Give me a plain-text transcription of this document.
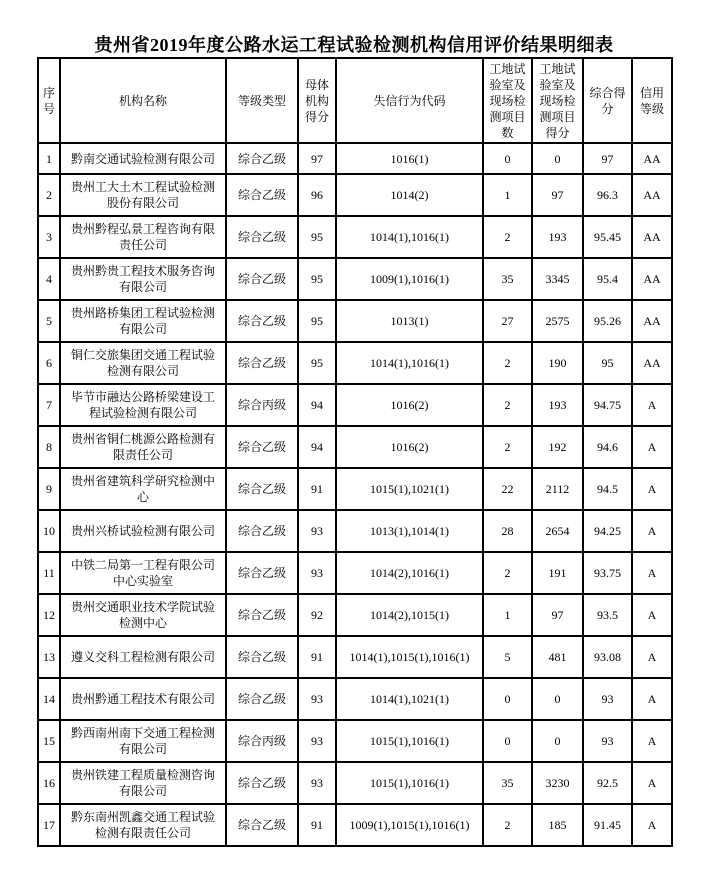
贵州省2019年度公路水运工程试验检测机构信用评价结果明细表
序号	机构名称	等级类型	母体机构得分	失信行为代码	工地试验室及现场检测项目数	工地试验室及现场检测项目得分	综合得分	信用等级
1	黔南交通试验检测有限公司	综合乙级	97	1016(1)	0	0	97	AA
2	贵州工大土木工程试验检测股份有限公司	综合乙级	96	1014(2)	1	97	96.3	AA
3	贵州黔程弘景工程咨询有限责任公司	综合乙级	95	1014(1),1016(1)	2	193	95.45	AA
4	贵州黔贵工程技术服务咨询有限公司	综合乙级	95	1009(1),1016(1)	35	3345	95.4	AA
5	贵州路桥集团工程试验检测有限公司	综合乙级	95	1013(1)	27	2575	95.26	AA
6	铜仁交旅集团交通工程试验检测有限公司	综合乙级	95	1014(1),1016(1)	2	190	95	AA
7	毕节市融达公路桥梁建设工程试验检测有限公司	综合丙级	94	1016(2)	2	193	94.75	A
8	贵州省铜仁桃源公路检测有限责任公司	综合乙级	94	1016(2)	2	192	94.6	A
9	贵州省建筑科学研究检测中心	综合乙级	91	1015(1),1021(1)	22	2112	94.5	A
10	贵州兴桥试验检测有限公司	综合乙级	93	1013(1),1014(1)	28	2654	94.25	A
11	中铁二局第一工程有限公司中心实验室	综合乙级	93	1014(2),1016(1)	2	191	93.75	A
12	贵州交通职业技术学院试验检测中心	综合乙级	92	1014(2),1015(1)	1	97	93.5	A
13	遵义交科工程检测有限公司	综合乙级	91	1014(1),1015(1),1016(1)	5	481	93.08	A
14	贵州黔通工程技术有限公司	综合乙级	93	1014(1),1021(1)	0	0	93	A
15	黔西南州南下交通工程检测有限公司	综合丙级	93	1015(1),1016(1)	0	0	93	A
16	贵州铁建工程质量检测咨询有限公司	综合乙级	93	1015(1),1016(1)	35	3230	92.5	A
17	黔东南州凯鑫交通工程试验检测有限责任公司	综合乙级	91	1009(1),1015(1),1016(1)	2	185	91.45	A
